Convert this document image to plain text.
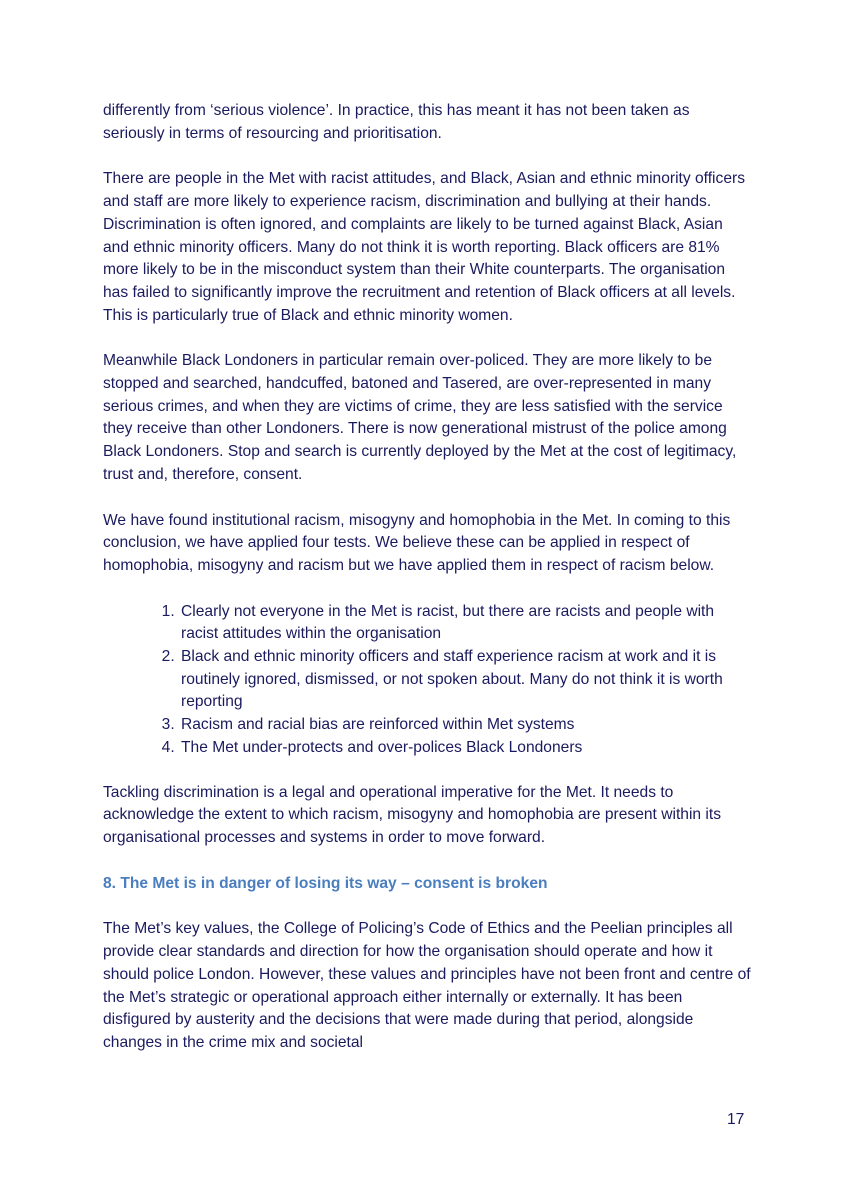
differently from ‘serious violence’. In practice, this has meant it has not been taken as seriously in terms of resourcing and prioritisation.

There are people in the Met with racist attitudes, and Black, Asian and ethnic minority officers and staff are more likely to experience racism, discrimination and bullying at their hands. Discrimination is often ignored, and complaints are likely to be turned against Black, Asian and ethnic minority officers. Many do not think it is worth reporting. Black officers are 81% more likely to be in the misconduct system than their White counterparts. The organisation has failed to significantly improve the recruitment and retention of Black officers at all levels. This is particularly true of Black and ethnic minority women.

Meanwhile Black Londoners in particular remain over-policed. They are more likely to be stopped and searched, handcuffed, batoned and Tasered, are over-represented in many serious crimes, and when they are victims of crime, they are less satisfied with the service they receive than other Londoners. There is now generational mistrust of the police among Black Londoners. Stop and search is currently deployed by the Met at the cost of legitimacy, trust and, therefore, consent.

We have found institutional racism, misogyny and homophobia in the Met. In coming to this conclusion, we have applied four tests. We believe these can be applied in respect of homophobia, misogyny and racism but we have applied them in respect of racism below.

1. Clearly not everyone in the Met is racist, but there are racists and people with racist attitudes within the organisation
2. Black and ethnic minority officers and staff experience racism at work and it is routinely ignored, dismissed, or not spoken about. Many do not think it is worth reporting
3. Racism and racial bias are reinforced within Met systems
4. The Met under-protects and over-polices Black Londoners

Tackling discrimination is a legal and operational imperative for the Met. It needs to acknowledge the extent to which racism, misogyny and homophobia are present within its organisational processes and systems in order to move forward.

8. The Met is in danger of losing its way – consent is broken

The Met’s key values, the College of Policing’s Code of Ethics and the Peelian principles all provide clear standards and direction for how the organisation should operate and how it should police London. However, these values and principles have not been front and centre of the Met’s strategic or operational approach either internally or externally. It has been disfigured by austerity and the decisions that were made during that period, alongside changes in the crime mix and societal

17
